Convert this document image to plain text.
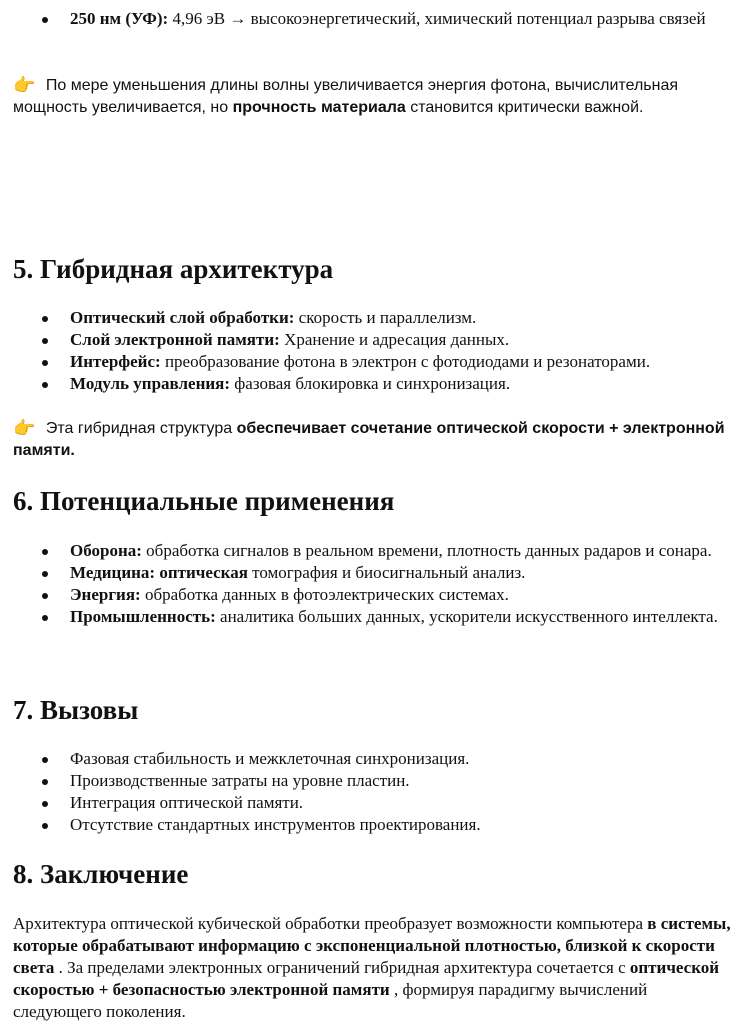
250 нм (УФ): 4,96 эВ → высокоэнергетический, химический потенциал разрыва связей

👉 По мере уменьшения длины волны увеличивается энергия фотона, вычислительная мощность увеличивается, но прочность материала становится критически важной.

5. Гибридная архитектура
Оптический слой обработки: скорость и параллелизм.
Слой электронной памяти: Хранение и адресация данных.
Интерфейс: преобразование фотона в электрон с фотодиодами и резонаторами.
Модуль управления: фазовая блокировка и синхронизация.

👉 Эта гибридная структура обеспечивает сочетание оптической скорости + электронной памяти.

6. Потенциальные применения
Оборона: обработка сигналов в реальном времени, плотность данных радаров и сонара.
Медицина: оптическая томография и биосигнальный анализ.
Энергия: обработка данных в фотоэлектрических системах.
Промышленность: аналитика больших данных, ускорители искусственного интеллекта.
7. Вызовы
Фазовая стабильность и межклеточная синхронизация.
Производственные затраты на уровне пластин.
Интеграция оптической памяти.
Отсутствие стандартных инструментов проектирования.
8. Заключение

Архитектура оптической кубической обработки преобразует возможности компьютера в системы, которые обрабатывают информацию с экспоненциальной плотностью, близкой к скорости света . За пределами электронных ограничений гибридная архитектура сочетается с оптической скоростью + безопасностью электронной памяти , формируя парадигму вычислений следующего поколения.
